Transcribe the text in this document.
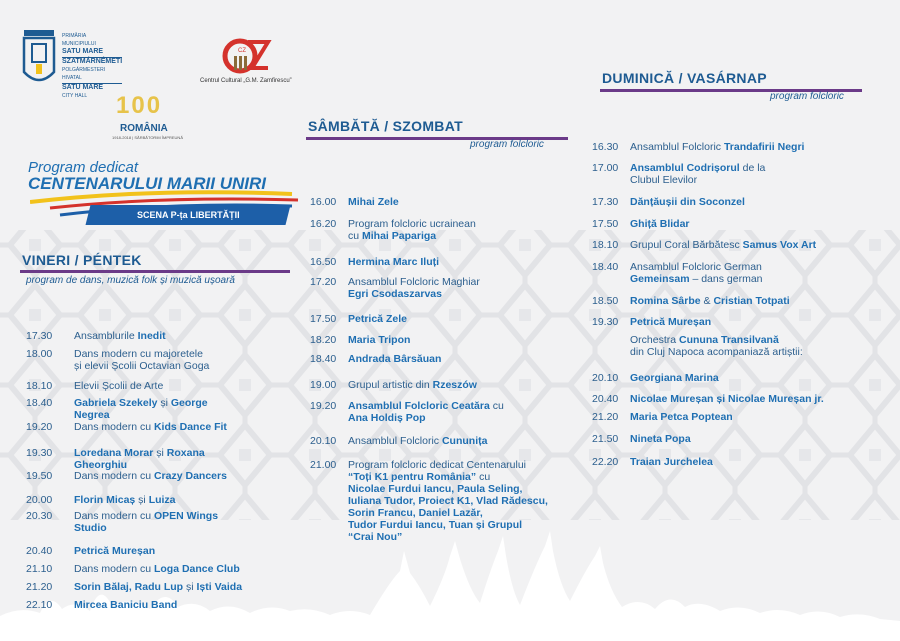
PRIMĂRIA
MUNICIPIULUI
SATU MARE
SZATMÁRNÉMETI
POLGÁRMESTERI HIVATAL
SATU MARE
CITY HALL
CZ
Centrul Cultural „G.M. Zamfirescu”
100
ROMÂNIA
1918-2018 | SĂRBĂTORIM ÎMPREUNĂ
Program dedicat
CENTENARULUI MARII UNIRI
SCENA P-ța LIBERTĂȚII
VINERI / PÉNTEK
program de dans, muzică folk și muzică ușoară
17.30 Ansamblurile Inedit
18.00 Dans modern cu majoretele
și elevii Școlii Octavian Goga
18.10 Elevii Școlii de Arte
18.40 Gabriela Szekely și George
Negrea
19.20 Dans modern cu Kids Dance Fit
19.30 Loredana Morar și Roxana
Gheorghiu
19.50 Dans modern cu Crazy Dancers
20.00 Florin Micaș și Luiza
20.30 Dans modern cu OPEN Wings
Studio
20.40 Petrică Mureșan
21.10 Dans modern cu Loga Dance Club
21.20 Sorin Bălaj, Radu Lup și Iști Vaida
22.10 Mircea Baniciu Band
SÂMBĂTĂ / SZOMBAT
program folcloric
16.00 Mihai Zele
16.20 Program folcloric ucrainean
cu Mihai Papariga
16.50 Hermina Marc Iluți
17.20 Ansamblul Folcloric Maghiar
Egri Csodaszarvas
17.50 Petrică Zele
18.20 Maria Tripon
18.40 Andrada Bârsăuan
19.00 Grupul artistic din Rzeszów
19.20 Ansamblul Folcloric Ceatăra cu
Ana Holdiș Pop
20.10 Ansamblul Folcloric Cununița
21.00 Program folcloric dedicat Centenarului
“Toți K1 pentru România” cu
Nicolae Furdui Iancu, Paula Seling,
Iuliana Tudor, Proiect K1, Vlad Rădescu,
Sorin Francu, Daniel Lazăr,
Tudor Furdui Iancu, Tuan și Grupul
“Crai Nou”
DUMINICĂ / VASÁRNAP
program folcloric
16.30 Ansamblul Folcloric Trandafirii Negri
17.00 Ansamblul Codrișorul de la
Clubul Elevilor
17.30 Dănțăușii din Soconzel
17.50 Ghiță Blidar
18.10 Grupul Coral Bărbătesc Samus Vox Art
18.40 Ansamblul Folcloric German
Gemeinsam – dans german
18.50 Romina Sârbe & Cristian Totpati
19.30 Petrică Mureșan
Orchestra Cununa Transilvană
din Cluj Napoca acompaniază artiștii:
20.10 Georgiana Marina
20.40 Nicolae Mureșan și Nicolae Mureșan jr.
21.20 Maria Petca Poptean
21.50 Nineta Popa
22.20 Traian Jurchelea
